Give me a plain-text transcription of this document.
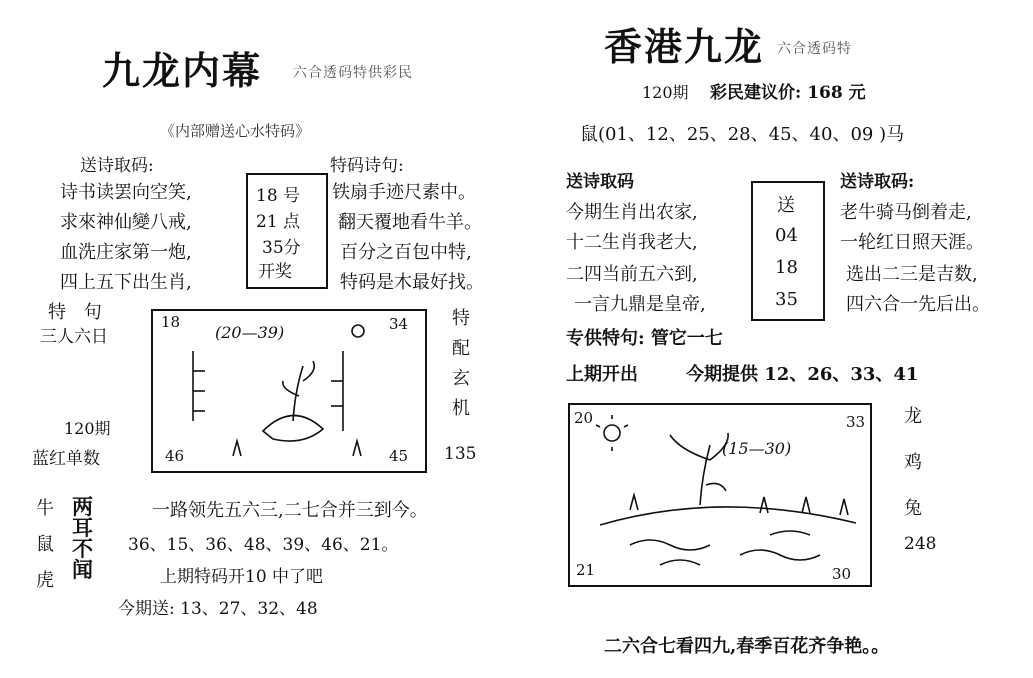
九龙内幕 六合透码特供彩民
《内部赠送心水特码》
送诗取码:	特码诗句:
诗书读罢向空笑,
求來神仙變八戒,
血洗庄家第一炮,
四上五下出生肖,
18 号
21 点
35分
开奖
铁扇手迹尺素中。
翻天覆地看牛羊。
百分之百包中特,
特码是木最好找。
特 句
三人六日
120期
蓝红单数
18	34
46	45
(20—39)
特
配
玄
机
135
牛
鼠
虎
两
耳
不
闻
一路领先五六三,二七合并三到今。
36、15、36、48、39、46、21。
上期特码开10 中了吧
今期送: 13、27、32、48
香港九龙 六合透码特
120期 彩民建议价: 168 元
鼠(01、12、25、28、45、40、09 )马
送诗取码	送诗取码:
今期生肖出农家,
十二生肖我老大,
二四当前五六到,
一言九鼎是皇帝,
送
04
18
35
老牛骑马倒着走,
一轮红日照天涯。
选出二三是吉数,
四六合一先后出。
专供特句: 管它一七
上期开出	今期提供 12、26、33、41
20	33
21	30
(15—30)
龙
鸡
兔
248
二六合七看四九,春季百花齐争艳。。
